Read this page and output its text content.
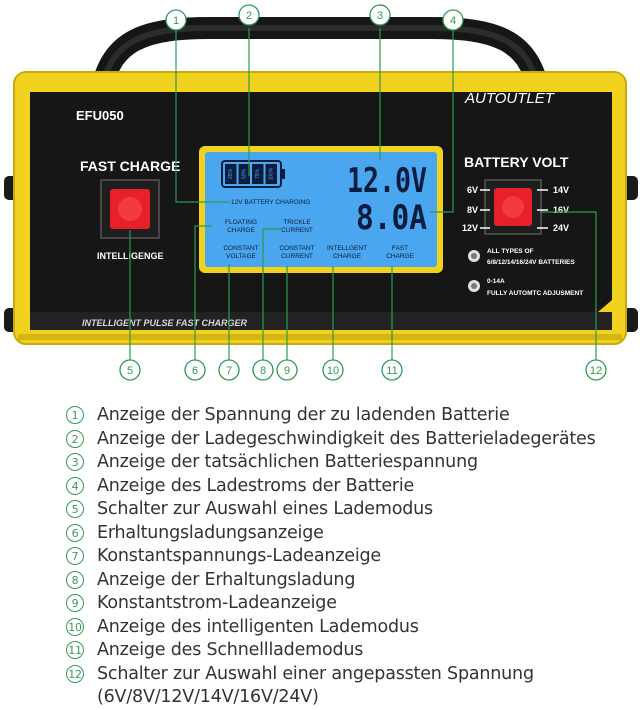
INTELLIGENT PULSE FAST CHARGER
EFU050
AUTOUTLET
FAST CHARGE
INTELLIGENGE
25% 50% 75% 100%
12V BATTERY CHARGING
12.0V
8.0A
FLOATING CHARGE
TRICKLE CURRENT
CONSTANT VOLTAGE
CONSTANT CURRENT
INTELLGENT CHARGE
FAST CHARGE
BATTERY VOLT
6V
8V
12V
14V
16V
24V
ALL TYPES OF
6/8/12/14/16/24V BATTERIES
0-14A
FULLY AUTOMTC ADJUSMENT
1	2	3	4
5	6	7	8 9	10	11	12
1	Anzeige der Spannung der zu ladenden Batterie
2	Anzeige der Ladegeschwindigkeit des Batterieladegerätes
3	Anzeige der tatsächlichen Batteriespannung
4	Anzeige des Ladestroms der Batterie
5	Schalter zur Auswahl eines Lademodus
6	Erhaltungsladungsanzeige
7	Konstantspannungs-Ladeanzeige
8	Anzeige der Erhaltungsladung
9	Konstantstrom-Ladeanzeige
10 Anzeige des intelligenten Lademodus
11 Anzeige des Schnelllademodus
12 Schalter zur Auswahl einer angepassten Spannung
(6V/8V/12V/14V/16V/24V)
